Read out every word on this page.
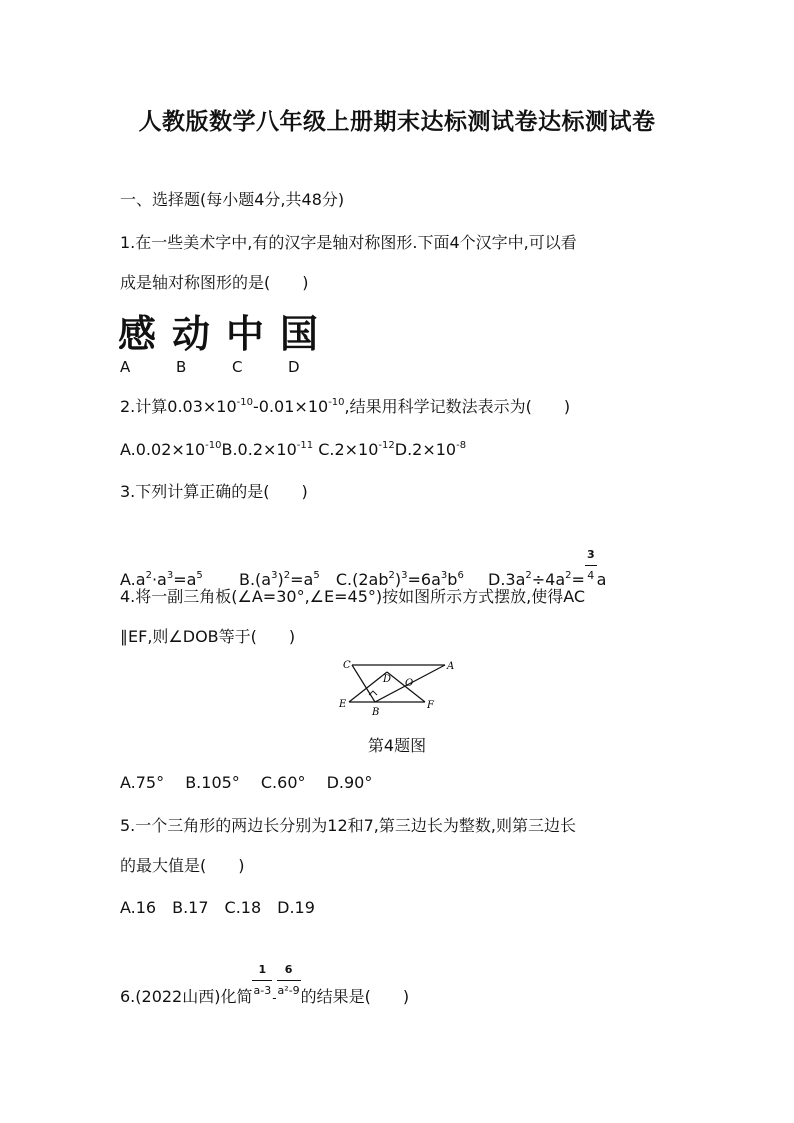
人教版数学八年级上册期末达标测试卷达标测试卷
一、选择题(每小题4分,共48分)
1.在一些美术字中,有的汉字是轴对称图形.下面4个汉字中,可以看
成是轴对称图形的是(　　)
感 动 中 国
A	B	C	D
2.计算$0.03\times 10^{-10}-0.01\times 10^{-10}$,结果用科学记数法表示为(　　)
$A.0.02\times 10^{-10}B.0.2\times 10^{-11}$ $C.2\times 10^{-12}D.2\times 10^{-8}$
3.下列计算正确的是(　　)
$A.a^2\cdot a^3=a^5$ $B.(a^3)^2=a^5$ $C.(2ab^2)^3=6a^3b^6$ $D.3a^2\div 4a^2= \frac{3}{4}$ a
4.将一副三角板(∠A=30°,∠E=45°)按如图所示方式摆放,使得AC
∥EF,则∠DOB等于(　　)
C	A
D O
E
B
F
第4题图
A.75°　 B.105°　 C.60°　 D.90°
5.一个三角形的两边长分别为12和7,第三边长为整数,则第三边长
的最大值是(　　)
A.16　B.17　C.18　D.19
6.(2022山西)化简 $\frac{1}{a-3} - \frac{6}{\text{a²-9}}$ 的结果是(　　)
